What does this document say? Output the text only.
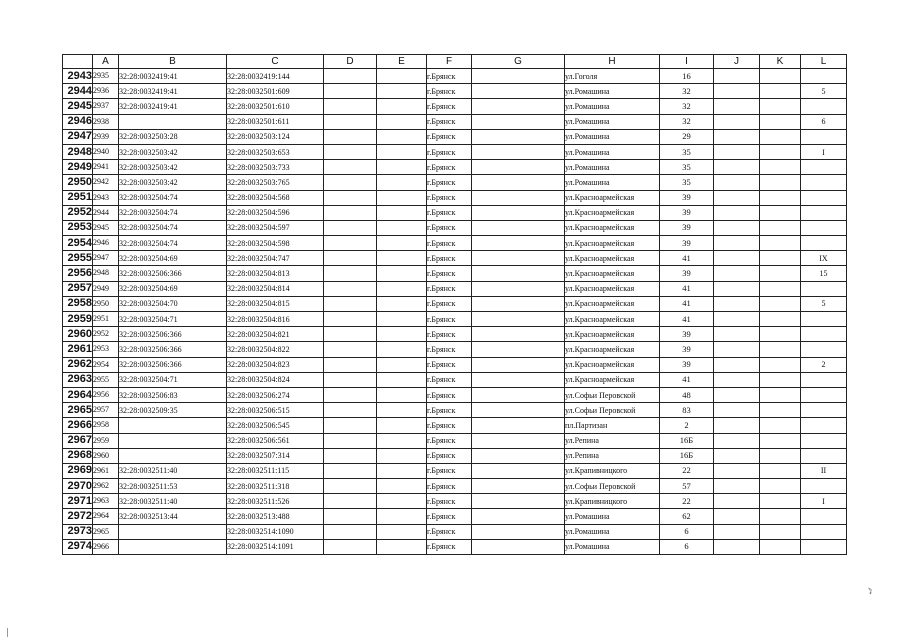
	A	B	C	D	E	F	G	H	I	J	K	L
2943	2935	32:28:0032419:41	32:28:0032419:144			г.Брянск		ул.Гоголя	16			
2944	2936	32:28:0032419:41	32:28:0032501:609			г.Брянск		ул.Ромашина	32			5
2945	2937	32:28:0032419:41	32:28:0032501:610			г.Брянск		ул.Ромашина	32			
2946	2938		32:28:0032501:611			г.Брянск		ул.Ромашина	32			6
2947	2939	32:28:0032503:28	32:28:0032503:124			г.Брянск		ул.Ромашина	29			
2948	2940	32:28:0032503:42	32:28:0032503:653			г.Брянск		ул.Ромашина	35			I
2949	2941	32:28:0032503:42	32:28:0032503:733			г.Брянск		ул.Ромашина	35			
2950	2942	32:28:0032503:42	32:28:0032503:765			г.Брянск		ул.Ромашина	35			
2951	2943	32:28:0032504:74	32:28:0032504:568			г.Брянск		ул.Красноармейская	39			
2952	2944	32:28:0032504:74	32:28:0032504:596			г.Брянск		ул.Красноармейская	39			
2953	2945	32:28:0032504:74	32:28:0032504:597			г.Брянск		ул.Красноармейская	39			
2954	2946	32:28:0032504:74	32:28:0032504:598			г.Брянск		ул.Красноармейская	39			
2955	2947	32:28:0032504:69	32:28:0032504:747			г.Брянск		ул.Красноармейская	41			IX
2956	2948	32:28:0032506:366	32:28:0032504:813			г.Брянск		ул.Красноармейская	39			15
2957	2949	32:28:0032504:69	32:28:0032504:814			г.Брянск		ул.Красноармейская	41			
2958	2950	32:28:0032504:70	32:28:0032504:815			г.Брянск		ул.Красноармейская	41			5
2959	2951	32:28:0032504:71	32:28:0032504:816			г.Брянск		ул.Красноармейская	41			
2960	2952	32:28:0032506:366	32:28:0032504:821			г.Брянск		ул.Красноармейская	39			
2961	2953	32:28:0032506:366	32:28:0032504:822			г.Брянск		ул.Красноармейская	39			
2962	2954	32:28:0032506:366	32:28:0032504:823			г.Брянск		ул.Красноармейская	39			2
2963	2955	32:28:0032504:71	32:28:0032504:824			г.Брянск		ул.Красноармейская	41			
2964	2956	32:28:0032506:83	32:28:0032506:274			г.Брянск		ул.Софьи Перовской	48			
2965	2957	32:28:0032509:35	32:28:0032506:515			г.Брянск		ул.Софьи Перовской	83			
2966	2958		32:28:0032506:545			г.Брянск		пл.Партизан	2			
2967	2959		32:28:0032506:561			г.Брянск		ул.Репина	16Б			
2968	2960		32:28:0032507:314			г.Брянск		ул.Репина	16Б			
2969	2961	32:28:0032511:40	32:28:0032511:115			г.Брянск		ул.Крапивницкого	22			II
2970	2962	32:28:0032511:53	32:28:0032511:318			г.Брянск		ул.Софьи Перовской	57			
2971	2963	32:28:0032511:40	32:28:0032511:526			г.Брянск		ул.Крапивницкого	22			I
2972	2964	32:28:0032513:44	32:28:0032513:488			г.Брянск		ул.Ромашина	62			
2973	2965		32:28:0032514:1090			г.Брянск		ул.Ромашина	6			
2974	2966		32:28:0032514:1091			г.Брянск		ул.Ромашина	6			
♪
